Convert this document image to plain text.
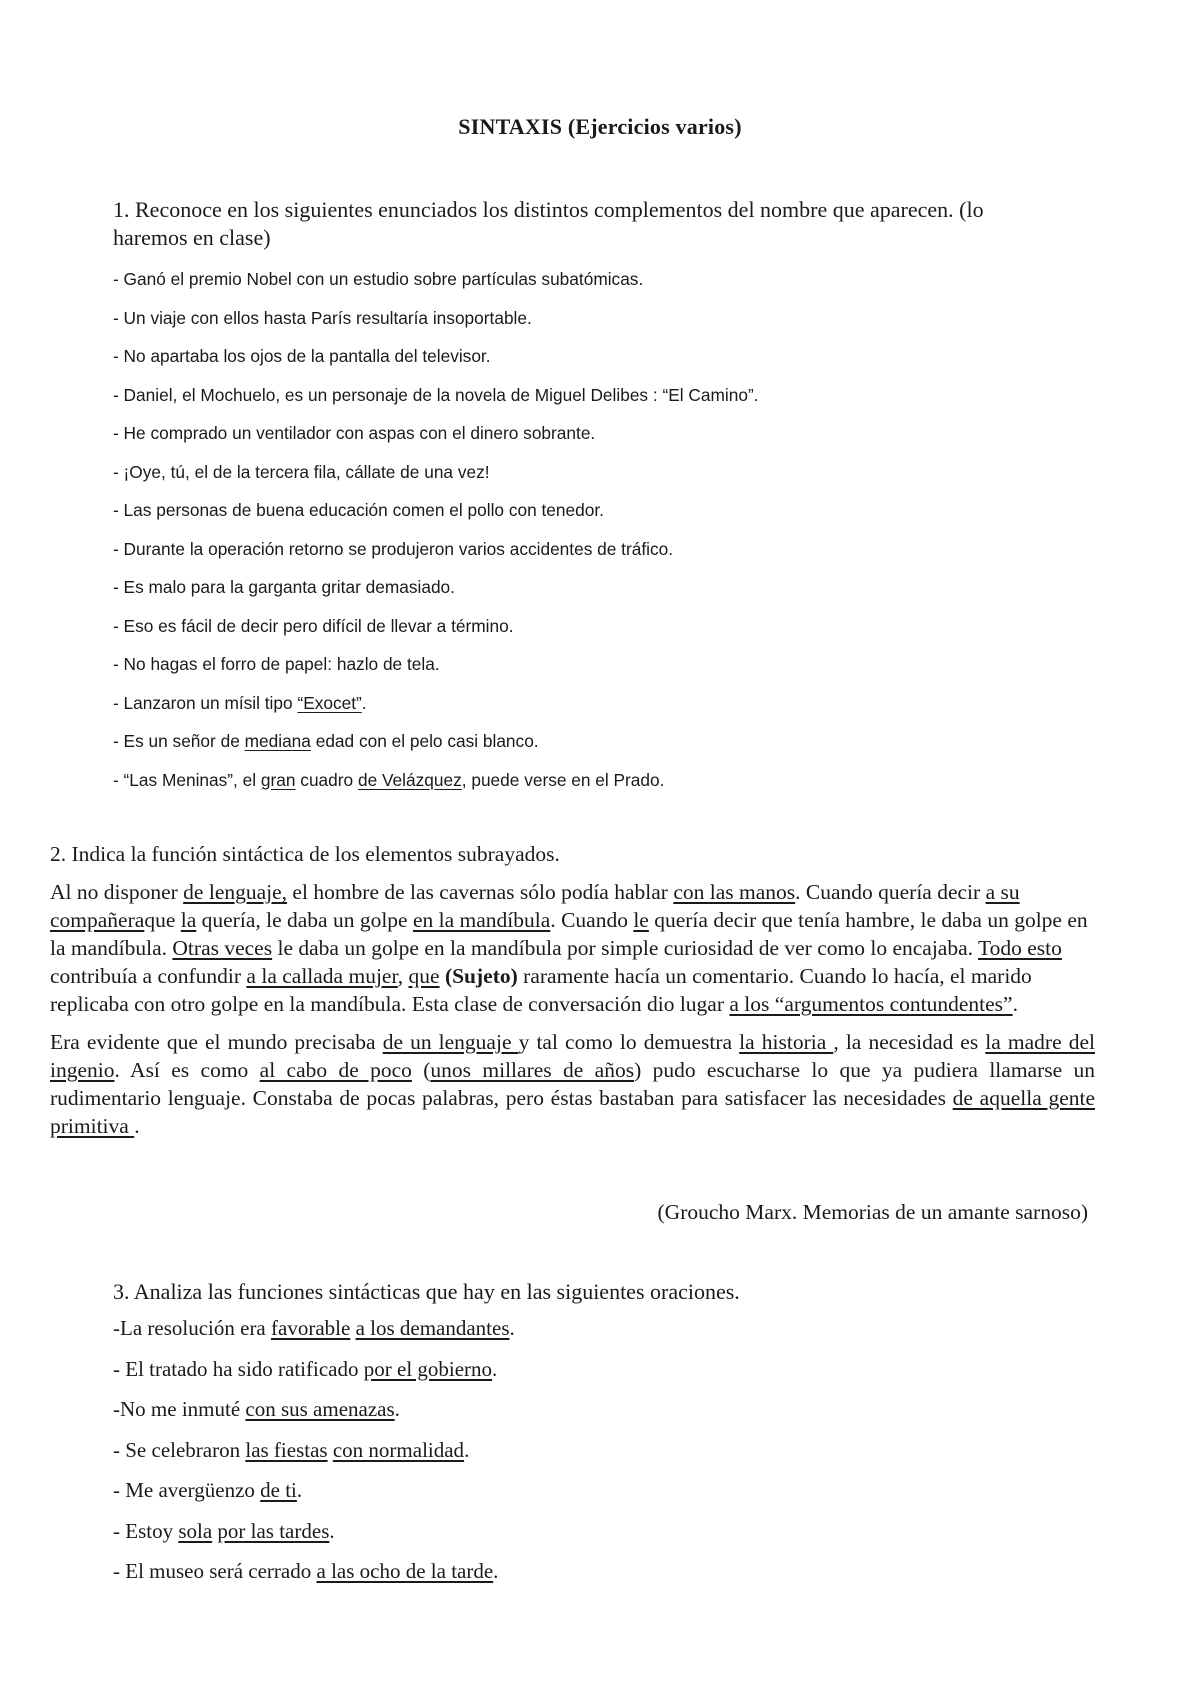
SINTAXIS (Ejercicios varios)

1. Reconoce en los siguientes enunciados los distintos complementos del nombre que aparecen. (lo haremos en clase)

- Ganó el premio Nobel con un estudio sobre partículas subatómicas.

- Un viaje con ellos hasta París resultaría insoportable.

- No apartaba los ojos de la pantalla del televisor.

- Daniel, el Mochuelo, es un personaje de la novela de Miguel Delibes : “El Camino”.

- He comprado un ventilador con aspas con el dinero sobrante.

- ¡Oye, tú, el de la tercera fila, cállate de una vez!

- Las personas de buena educación comen el pollo con tenedor.

- Durante la operación retorno se produjeron varios accidentes de tráfico.

- Es malo para la garganta gritar demasiado.

- Eso es fácil de decir pero difícil de llevar a término.

- No hagas el forro de papel: hazlo de tela.

- Lanzaron un mísil tipo “Exocet”.

- Es un señor de mediana edad con el pelo casi blanco.

- “Las Meninas”, el gran cuadro de Velázquez, puede verse en el Prado.

2. Indica la función sintáctica de los elementos subrayados.

Al no disponer de lenguaje, el hombre de las cavernas sólo podía hablar con las manos. Cuando quería decir a su compañeraque la quería, le daba un golpe en la mandíbula. Cuando le quería decir que tenía hambre, le daba un golpe en la mandíbula. Otras veces le daba un golpe en la mandíbula por simple curiosidad de ver como lo encajaba. Todo esto contribuía a confundir a la callada mujer, que (Sujeto) raramente hacía un comentario. Cuando lo hacía, el marido replicaba con otro golpe en la mandíbula. Esta clase de conversación dio lugar a los “argumentos contundentes”.

Era evidente que el mundo precisaba de un lenguaje y tal como lo demuestra la historia , la necesidad es la madre del ingenio. Así es como al cabo de poco (unos millares de años) pudo escucharse lo que ya pudiera llamarse un rudimentario lenguaje. Constaba de pocas palabras, pero éstas bastaban para satisfacer las necesidades de aquella gente primitiva .

(Groucho Marx. Memorias de un amante sarnoso)

3. Analiza las funciones sintácticas que hay en las siguientes oraciones.

-La resolución era favorable a los demandantes.

- El tratado ha sido ratificado por el gobierno.

-No me inmuté con sus amenazas.

- Se celebraron las fiestas con normalidad.

- Me avergüenzo de ti.

- Estoy sola por las tardes.

- El museo será cerrado a las ocho de la tarde.
